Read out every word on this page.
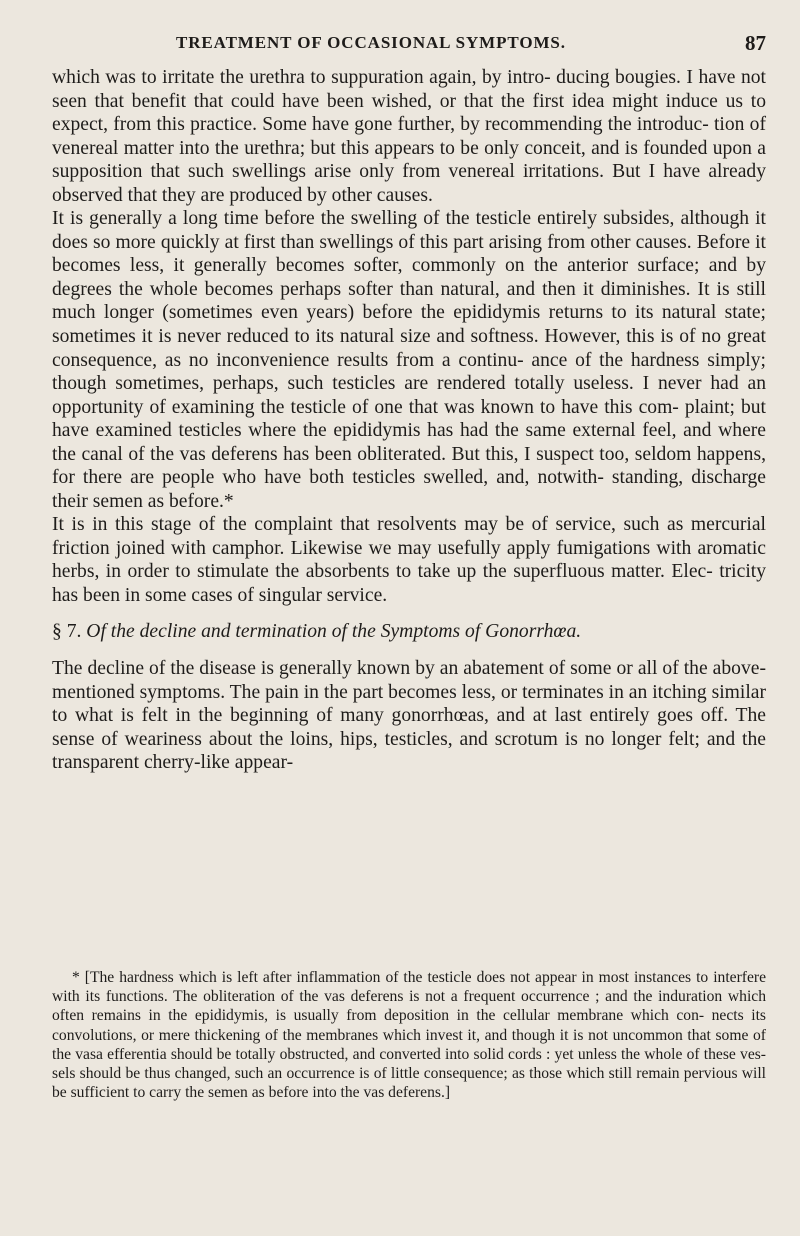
TREATMENT OF OCCASIONAL SYMPTOMS.	87

which was to irritate the urethra to suppuration again, by intro- ducing bougies. I have not seen that benefit that could have been wished, or that the first idea might induce us to expect, from this practice. Some have gone further, by recommending the introduc- tion of venereal matter into the urethra; but this appears to be only conceit, and is founded upon a supposition that such swellings arise only from venereal irritations. But I have already observed that they are produced by other causes.

It is generally a long time before the swelling of the testicle entirely subsides, although it does so more quickly at first than swellings of this part arising from other causes. Before it becomes less, it generally becomes softer, commonly on the anterior surface; and by degrees the whole becomes perhaps softer than natural, and then it diminishes. It is still much longer (sometimes even years) before the epididymis returns to its natural state; sometimes it is never reduced to its natural size and softness. However, this is of no great consequence, as no inconvenience results from a continu- ance of the hardness simply; though sometimes, perhaps, such testicles are rendered totally useless. I never had an opportunity of examining the testicle of one that was known to have this com- plaint; but have examined testicles where the epididymis has had the same external feel, and where the canal of the vas deferens has been obliterated. But this, I suspect too, seldom happens, for there are people who have both testicles swelled, and, notwith- standing, discharge their semen as before.*

It is in this stage of the complaint that resolvents may be of service, such as mercurial friction joined with camphor. Likewise we may usefully apply fumigations with aromatic herbs, in order to stimulate the absorbents to take up the superfluous matter. Elec- tricity has been in some cases of singular service.

§ 7. Of the decline and termination of the Symptoms of Gonorrhœa.

The decline of the disease is generally known by an abatement of some or all of the above-mentioned symptoms. The pain in the part becomes less, or terminates in an itching similar to what is felt in the beginning of many gonorrhœas, and at last entirely goes off. The sense of weariness about the loins, hips, testicles, and scrotum is no longer felt; and the transparent cherry-like appear-

* [The hardness which is left after inflammation of the testicle does not appear in most instances to interfere with its functions. The obliteration of the vas deferens is not a frequent occurrence ; and the induration which often remains in the epididymis, is usually from deposition in the cellular membrane which con- nects its convolutions, or mere thickening of the membranes which invest it, and though it is not uncommon that some of the vasa efferentia should be totally obstructed, and converted into solid cords : yet unless the whole of these ves- sels should be thus changed, such an occurrence is of little consequence; as those which still remain pervious will be sufficient to carry the semen as before into the vas deferens.]
